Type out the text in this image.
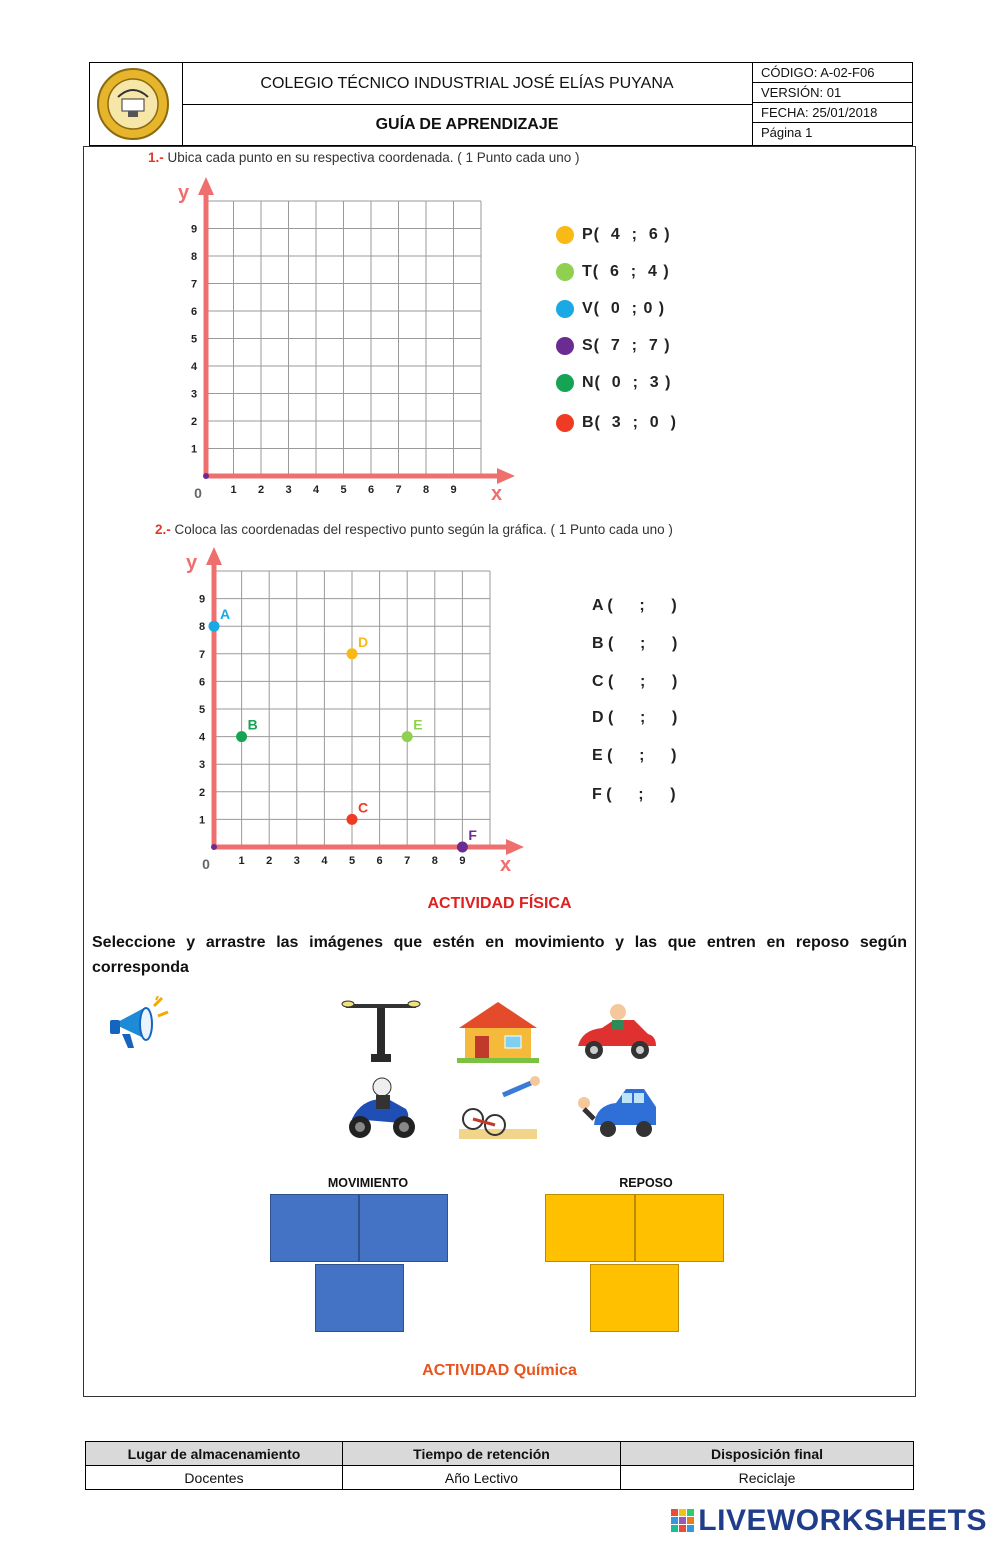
COLEGIO TÉCNICO INDUSTRIAL JOSÉ ELÍAS PUYANA
GUÍA DE APRENDIZAJE
CÓDIGO: A-02-F06
VERSIÓN: 01
FECHA: 25/01/2018
Página 1
1.- Ubica cada punto en su respectiva coordenada. ( 1 Punto cada uno )
1
1
2
2
3
3
4
4
5
5
6
6
7
7
8
8
9
9
0	x
y
P(  4  ;  6 )
T(  6  ;  4 )
V(  0  ; 0 )
S(  7  ;  7 )
N(  0  ;  3 )
B(  3  ;  0  )
2.- Coloca las coordenadas del respectivo punto según la gráfica. ( 1 Punto cada uno )
1
1
2
2
3
3
4
4
5
5
6
6
7
7
8
8
9
9
0	x
y
A
B
C
D
E
F
A (      ;      )
B (      ;      )
C (      ;      )
D (      ;      )
E (      ;      )
F (      ;      )
ACTIVIDAD FÍSICA
Seleccione y arrastre las imágenes que estén en movimiento y las que entren en reposo según corresponda
MOVIMIENTO	REPOSO
ACTIVIDAD Química
Lugar de almacenamiento	Tiempo de retención	Disposición final
Docentes	Año Lectivo	Reciclaje
LIVEWORKSHEETS
